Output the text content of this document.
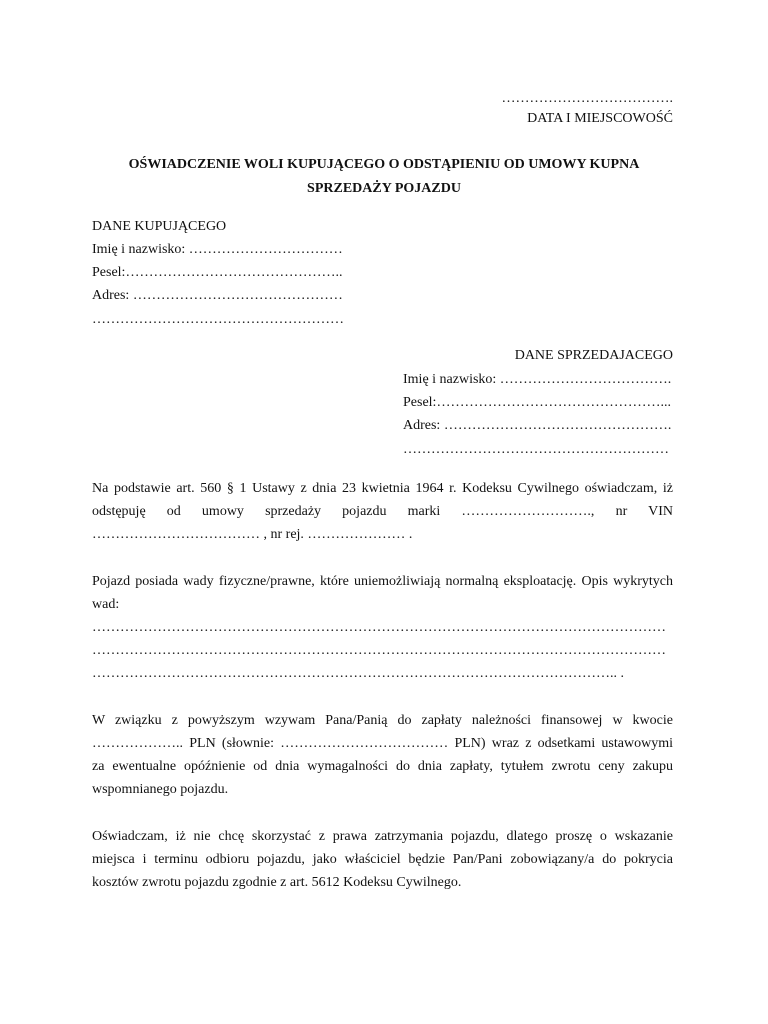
……………………………….
DATA I MIEJSCOWOŚĆ
OŚWIADCZENIE WOLI KUPUJĄCEGO O ODSTĄPIENIU OD UMOWY KUPNA
SPRZEDAŻY POJAZDU
DANE KUPUJĄCEGO
Imię i nazwisko: ……………………………
Pesel:………………………………………..
Adres: ………………………………………
………………………………………………
DANE SPRZEDAJACEGO
Imię i nazwisko: ……………………………….
Pesel:…………………………………………...
Adres: ………………………………………….
…………………………………………………
Na podstawie art. 560 § 1 Ustawy z dnia 23 kwietnia 1964 r. Kodeksu Cywilnego oświadczam, iż
odstępuję od umowy sprzedaży pojazdu marki ………………………., nr VIN
……………………………… , nr rej. ………………… .
Pojazd posiada wady fizyczne/prawne, które uniemożliwiają normalną eksploatację. Opis wykrytych
wad:
……………………………………………………………………………………………………………
……………………………………………………………………………………………………………
………………………………………………………………………………………………….. .
W związku z powyższym wzywam Pana/Panią do zapłaty należności finansowej w kwocie
……………….. PLN (słownie: ……………………………… PLN) wraz z odsetkami ustawowymi
za ewentualne opóźnienie od dnia wymagalności do dnia zapłaty, tytułem zwrotu ceny zakupu
wspomnianego pojazdu.
Oświadczam, iż nie chcę skorzystać z prawa zatrzymania pojazdu, dlatego proszę o wskazanie
miejsca i terminu odbioru pojazdu, jako właściciel będzie Pan/Pani zobowiązany/a do pokrycia
kosztów zwrotu pojazdu zgodnie z art. 5612 Kodeksu Cywilnego.
